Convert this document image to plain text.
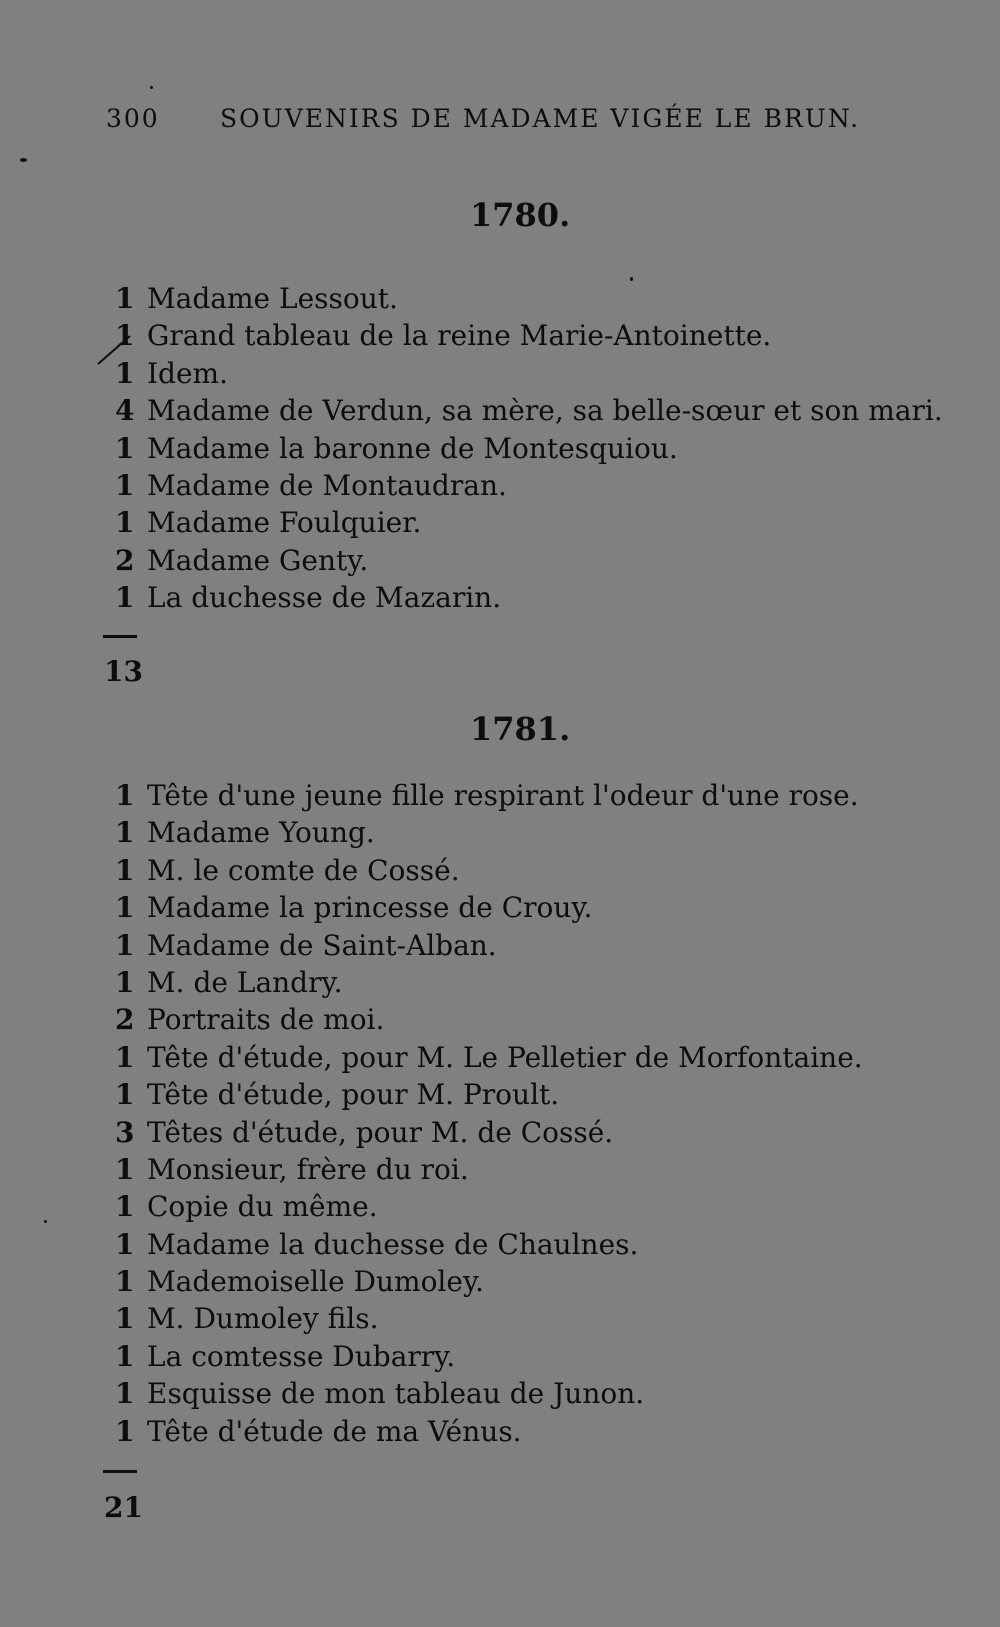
300 SOUVENIRS DE MADAME VIGÉE LE BRUN.
1780.
1 Madame Lessout.
1 Grand tableau de la reine Marie-Antoinette.
1 Idem.
4 Madame de Verdun, sa mère, sa belle-sœur et son mari.
1 Madame la baronne de Montesquiou.
1 Madame de Montaudran.
1 Madame Foulquier.
2 Madame Genty.
1 La duchesse de Mazarin.
13
1781.
1 Tête d'une jeune fille respirant l'odeur d'une rose.
1 Madame Young.
1 M. le comte de Cossé.
1 Madame la princesse de Crouy.
1 Madame de Saint-Alban.
1 M. de Landry.
2 Portraits de moi.
1 Tête d'étude, pour M. Le Pelletier de Morfontaine.
1 Tête d'étude, pour M. Proult.
3 Têtes d'étude, pour M. de Cossé.
1 Monsieur, frère du roi.
1 Copie du même.
1 Madame la duchesse de Chaulnes.
1 Mademoiselle Dumoley.
1 M. Dumoley fils.
1 La comtesse Dubarry.
1 Esquisse de mon tableau de Junon.
1 Tête d'étude de ma Vénus.
21
